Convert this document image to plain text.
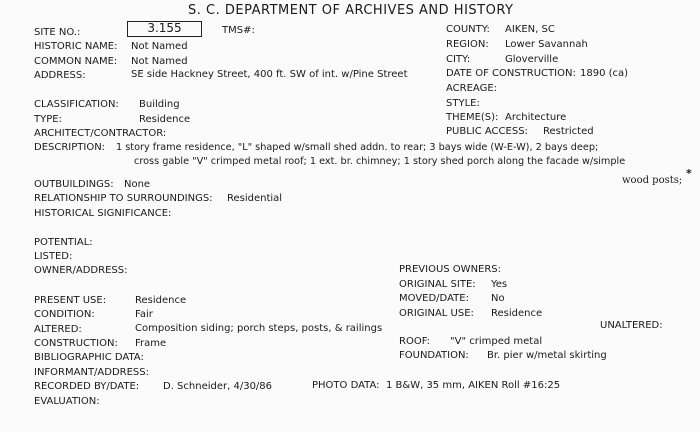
S. C. DEPARTMENT OF ARCHIVES AND HISTORY
SITE NO.:	3.155	TMS#:	COUNTY: AIKEN, SC
HISTORIC NAME: Not Named
COMMON NAME: Not Named
ADDRESS:	SE side Hackney Street, 400 ft. SW of int. w/Pine Street
REGION: Lower Savannah
CITY:	Gloverville
DATE OF CONSTRUCTION: 1890 (ca)
ACREAGE:
CLASSIFICATION: Building	STYLE:
TYPE:	Residence	THEME(S): Architecture
ARCHITECT/CONTRACTOR:	PUBLIC ACCESS: Restricted
DESCRIPTION: 1 story frame residence, "L" shaped w/small shed addn. to rear; 3 bays wide (W-E-W), 2 bays deep;
cross gable "V" crimped metal roof; 1 ext. br. chimney; 1 story shed porch along the facade w/simple
wood posts;
*
OUTBUILDINGS: None
RELATIONSHIP TO SURROUNDINGS: Residential
HISTORICAL SIGNIFICANCE:
POTENTIAL:
LISTED:
OWNER/ADDRESS:	PREVIOUS OWNERS:
ORIGINAL SITE: Yes
MOVED/DATE: No
ORIGINAL USE: Residence
PRESENT USE:	Residence
CONDITION:	Fair
ALTERED:	Composition siding; porch steps, posts, & railings	UNALTERED:
CONSTRUCTION: Frame	ROOF: "V" crimped metal
BIBLIOGRAPHIC DATA:	FOUNDATION: Br. pier w/metal skirting
INFORMANT/ADDRESS:
RECORDED BY/DATE: D. Schneider, 4/30/86	PHOTO DATA: 1 B&W, 35 mm, AIKEN Roll #16:25
EVALUATION:
